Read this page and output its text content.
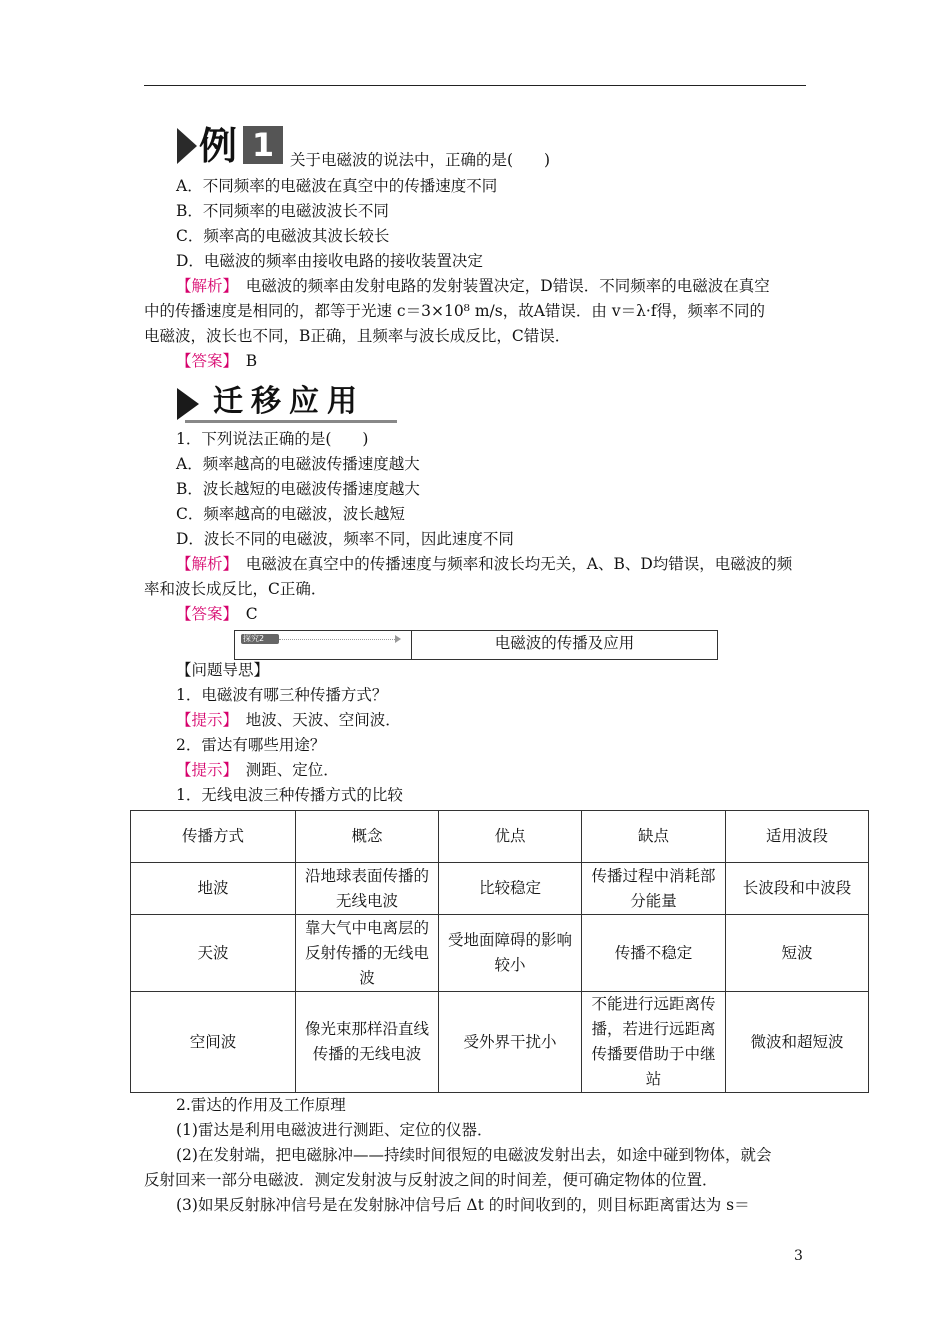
例 1	关于电磁波的说法中，正确的是(　　)
A．不同频率的电磁波在真空中的传播速度不同
B．不同频率的电磁波波长不同
C．频率高的电磁波其波长较长
D．电磁波的频率由接收电路的接收装置决定
【解析】　电磁波的频率由发射电路的发射装置决定，D错误．不同频率的电磁波在真空
中的传播速度是相同的，都等于光速 c＝3×10⁸ m/s，故A错误．由 v＝λ·f得，频率不同的
电磁波，波长也不同，B正确，且频率与波长成反比，C错误．
【答案】　B
迁移应用
1．下列说法正确的是(　　)
A．频率越高的电磁波传播速度越大
B．波长越短的电磁波传播速度越大
C．频率越高的电磁波，波长越短
D．波长不同的电磁波，频率不同，因此速度不同
【解析】　电磁波在真空中的传播速度与频率和波长均无关，A、B、D均错误，电磁波的频
率和波长成反比，C正确．
【答案】　C
探究2	电磁波的传播及应用
【问题导思】
1．电磁波有哪三种传播方式？
【提示】　地波、天波、空间波．
2．雷达有哪些用途？
【提示】　测距、定位．
1．无线电波三种传播方式的比较
传播方式	概念	优点	缺点	适用波段
地波	沿地球表面传播的无线电波	比较稳定	传播过程中消耗部分能量	长波段和中波段
天波	靠大气中电离层的反射传播的无线电波	受地面障碍的影响较小	传播不稳定	短波
空间波	像光束那样沿直线传播的无线电波	受外界干扰小	不能进行远距离传播，若进行远距离传播要借助于中继站	微波和超短波
2.雷达的作用及工作原理
(1)雷达是利用电磁波进行测距、定位的仪器．
(2)在发射端，把电磁脉冲——持续时间很短的电磁波发射出去，如途中碰到物体，就会
反射回来一部分电磁波．测定发射波与反射波之间的时间差，便可确定物体的位置．
(3)如果反射脉冲信号是在发射脉冲信号后 Δt 的时间收到的，则目标距离雷达为 s＝
3
